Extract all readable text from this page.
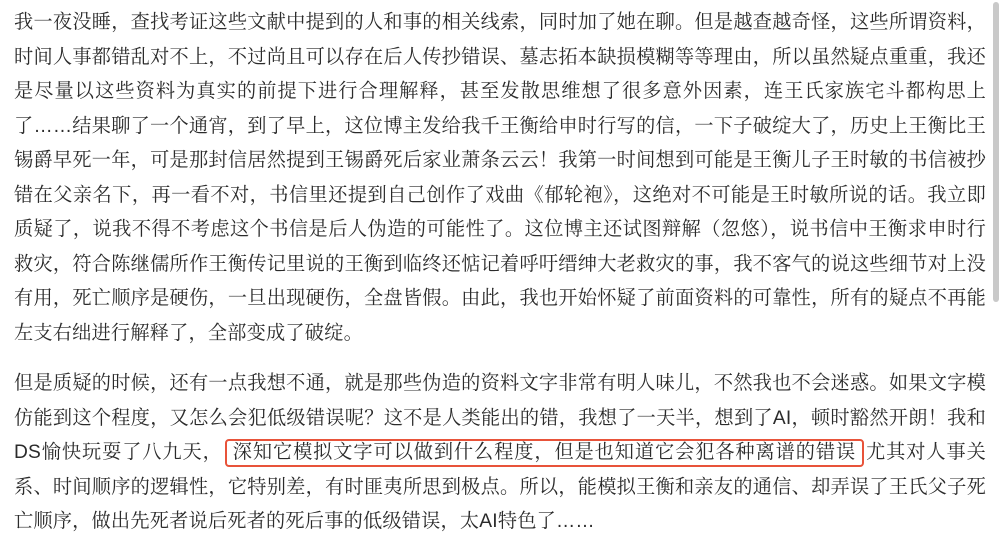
我一夜没睡，查找考证这些文献中提到的人和事的相关线索，同时加了她在聊。但是越查越奇怪，这些所谓资料，时间人事都错乱对不上，不过尚且可以存在后人传抄错误、墓志拓本缺损模糊等等理由，所以虽然疑点重重，我还是尽量以这些资料为真实的前提下进行合理解释，甚至发散思维想了很多意外因素，连王氏家族宅斗都构思上了……结果聊了一个通宵，到了早上，这位博主发给我千王衡给申时行写的信，一下子破绽大了，历史上王衡比王锡爵早死一年，可是那封信居然提到王锡爵死后家业萧条云云！我第一时间想到可能是王衡儿子王时敏的书信被抄错在父亲名下，再一看不对，书信里还提到自己创作了戏曲《郁轮袍》，这绝对不可能是王时敏所说的话。我立即质疑了，说我不得不考虑这个书信是后人伪造的可能性了。这位博主还试图辩解（忽悠），说书信中王衡求申时行救灾，符合陈继儒所作王衡传记里说的王衡到临终还惦记着呼吁缙绅大老救灾的事，我不客气的说这些细节对上没有用，死亡顺序是硬伤，一旦出现硬伤，全盘皆假。由此，我也开始怀疑了前面资料的可靠性，所有的疑点不再能左支右绌进行解释了，全部变成了破绽。

但是质疑的时候，还有一点我想不通，就是那些伪造的资料文字非常有明人味儿，不然我也不会迷惑。如果文字模仿能到这个程度，又怎么会犯低级错误呢？这不是人类能出的错，我想了一天半，想到了AI，顿时豁然开朗！我和DS愉快玩耍了八九天， 深知它模拟文字可以做到什么程度，但是也知道它会犯各种离谱的错误 尤其对人事关系、时间顺序的逻辑性，它特别差，有时匪夷所思到极点。所以，能模拟王衡和亲友的通信、却弄误了王氏父子死亡顺序，做出先死者说后死者的死后事的低级错误，太AI特色了……
